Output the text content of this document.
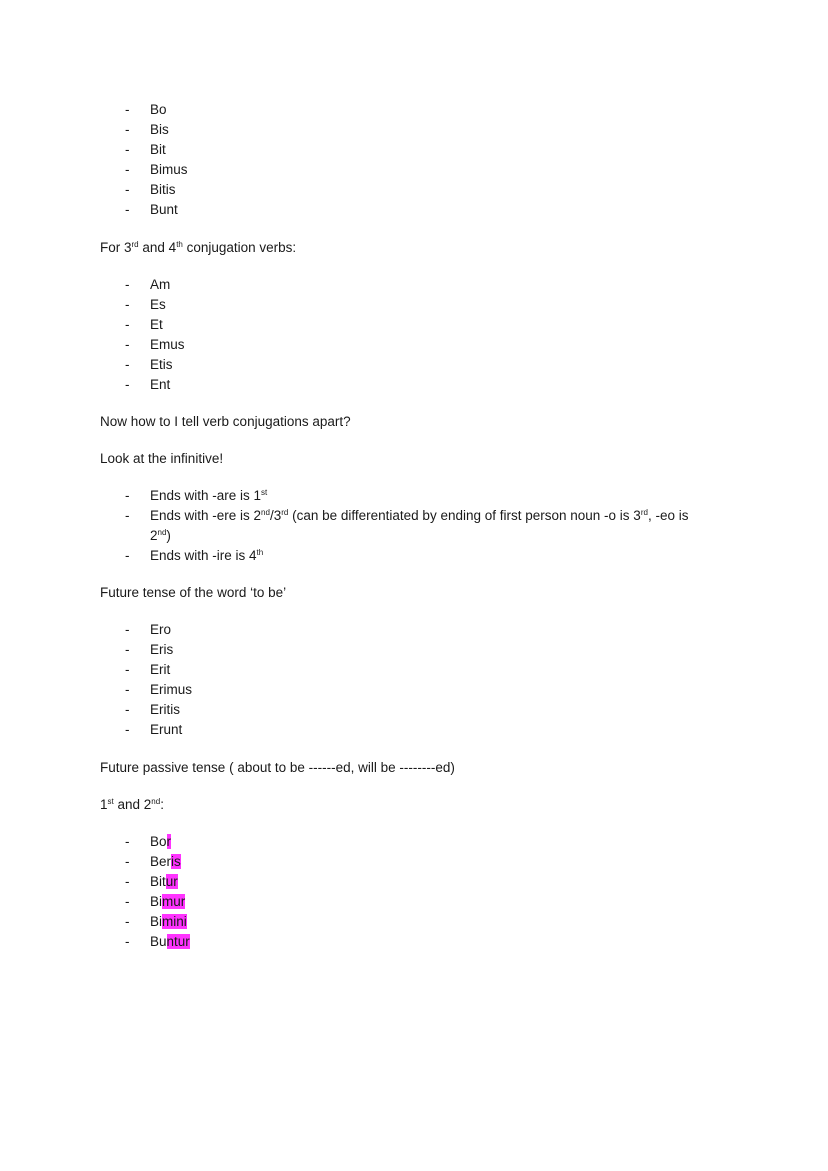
- Bo
- Bis
- Bit
- Bimus
- Bitis
- Bunt
For 3rd and 4th conjugation verbs:
- Am
- Es
- Et
- Emus
- Etis
- Ent
Now how to I tell verb conjugations apart?
Look at the infinitive!
- Ends with -are is 1st
- Ends with -ere is 2nd/3rd (can be differentiated by ending of first person noun -o is 3rd, -eo is
2nd)
- Ends with -ire is 4th
Future tense of the word ‘to be’
- Ero
- Eris
- Erit
- Erimus
- Eritis
- Erunt
Future passive tense ( about to be ------ed, will be --------ed)
1st and 2nd:
- Bor
- Beris
- Bitur
- Bimur
- Bimini
- Buntur
